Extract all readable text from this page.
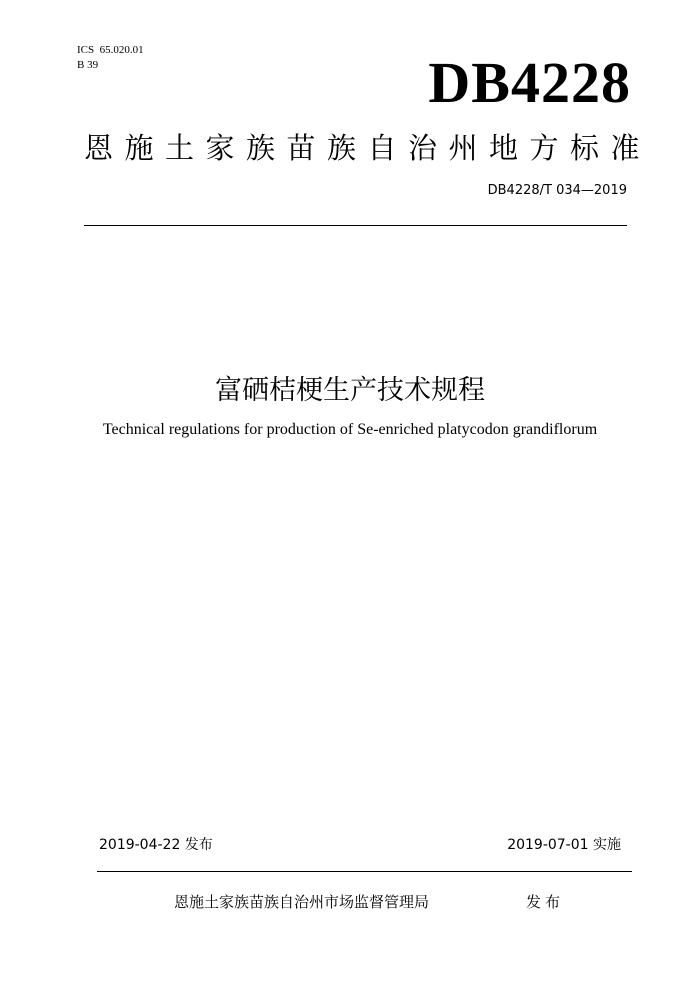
ICS  65.020.01
B 39	DB4228
恩施土家族苗族自治州地方标准
DB4228/T 034—2019
富硒桔梗生产技术规程
Technical regulations for production of Se-enriched platycodon grandiflorum
2019-04-22 发布	2019-07-01 实施
恩施土家族苗族自治州市场监督管理局	发布
